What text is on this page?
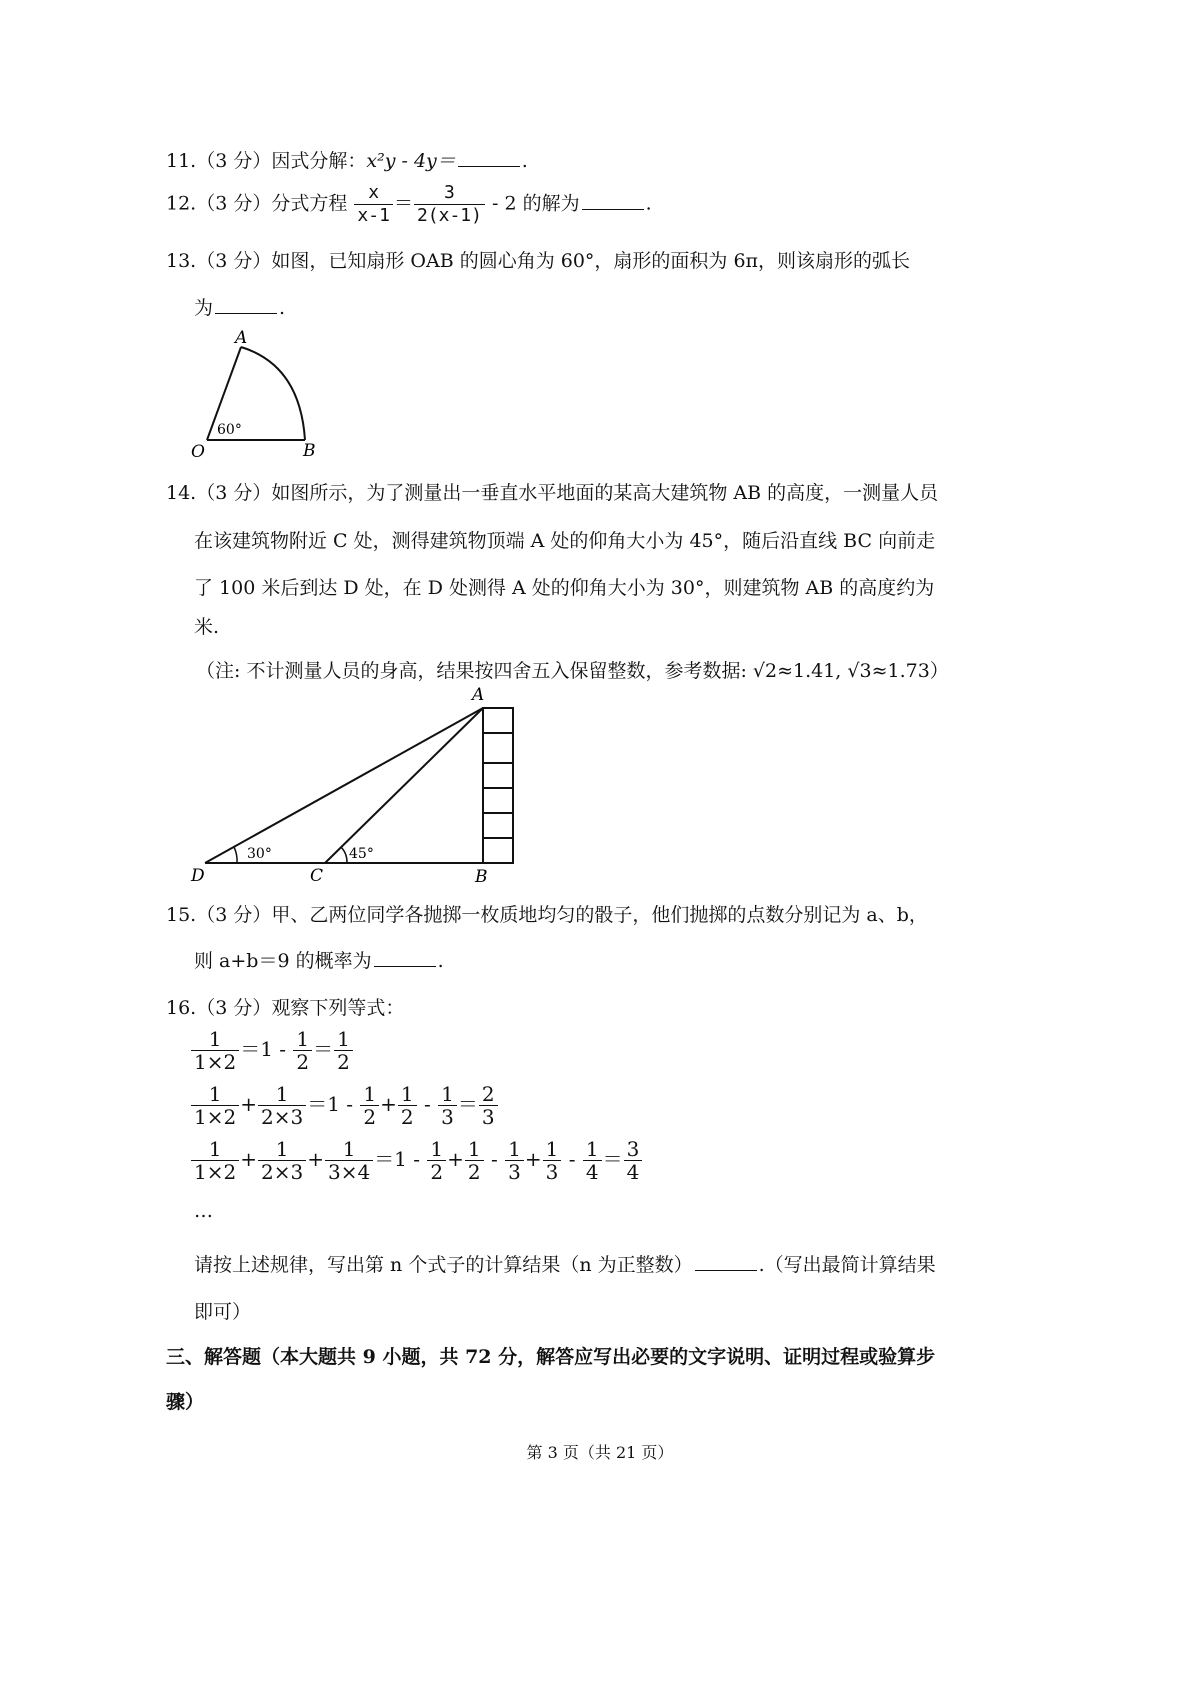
11.（3 分）因式分解：x²y - 4y＝	.
12.（3 分）分式方程 $\frac{x}{x-1} = \frac{3}{2(x-1)} - 2$ 的解为	.
13.（3 分）如图，已知扇形 OAB 的圆心角为 60°，扇形的面积为 6π，则该扇形的弧长
为	.
A
O	B
60°
14.（3 分）如图所示，为了测量出一垂直水平地面的某高大建筑物 AB 的高度，一测量人员
在该建筑物附近 C 处，测得建筑物顶端 A 处的仰角大小为 45°，随后沿直线 BC 向前走
了 100 米后到达 D 处，在 D 处测得 A 处的仰角大小为 30°，则建筑物 AB 的高度约为
米.
（注: 不计测量人员的身高，结果按四舍五入保留整数，参考数据: √2≈1.41, √3≈1.73）
30°	45°
A
D	C	B
15.（3 分）甲、乙两位同学各抛掷一枚质地均匀的骰子，他们抛掷的点数分别记为 a、b，
则 a+b＝9 的概率为	.
16.（3 分）观察下列等式：
$\frac{1}{1\times 2} =1 - \frac{1}{2} = \frac{1}{2}$
$\frac{1}{1\times 2} + \frac{1}{2\times 3} =1 - \frac{1}{2} + \frac{1}{2} - \frac{1}{3} = \frac{2}{3}$
$\frac{1}{1\times 2} + \frac{1}{2\times 3} + \frac{1}{3\times 4} =1 - \frac{1}{2} + \frac{1}{2} - \frac{1}{3} + \frac{1}{3} - \frac{1}{4} = \frac{3}{4}$
…
请按上述规律，写出第 n 个式子的计算结果（n 为正整数）	.（写出最简计算结果
即可）
三、解答题（本大题共 9 小题，共 72 分，解答应写出必要的文字说明、证明过程或验算步
骤）
第 3 页（共 21 页）
